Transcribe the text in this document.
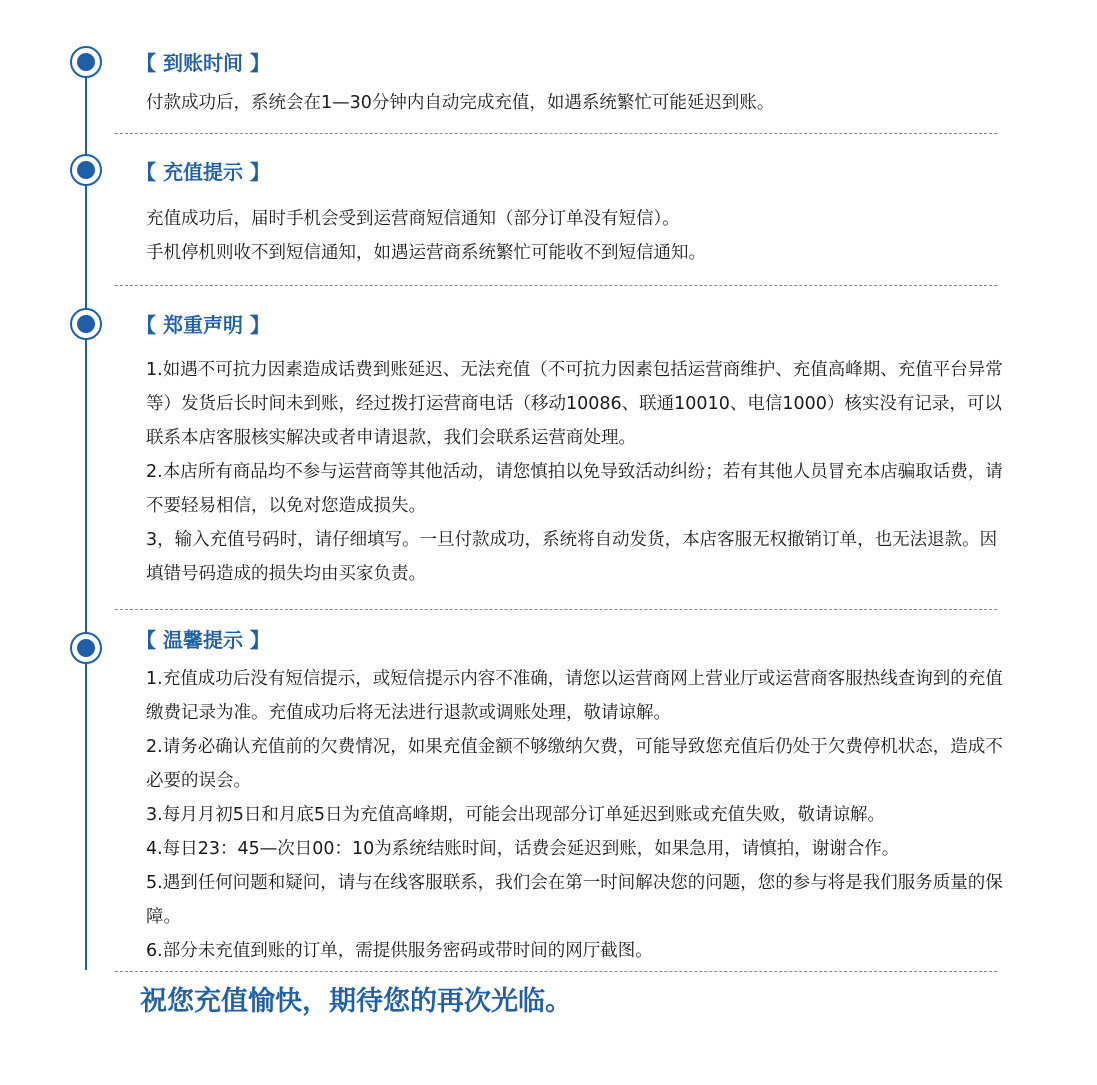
【 到账时间 】

付款成功后，系统会在1—30分钟内自动完成充值，如遇系统繁忙可能延迟到账。

【 充值提示 】

充值成功后，届时手机会受到运营商短信通知（部分订单没有短信）。

手机停机则收不到短信通知，如遇运营商系统繁忙可能收不到短信通知。

【 郑重声明 】

1.如遇不可抗力因素造成话费到账延迟、无法充值（不可抗力因素包括运营商维护、充值高峰期、充值平台异常等）发货后长时间未到账，经过拨打运营商电话（移动10086、联通10010、电信1000）核实没有记录，可以联系本店客服核实解决或者申请退款，我们会联系运营商处理。

2.本店所有商品均不参与运营商等其他活动，请您慎拍以免导致活动纠纷；若有其他人员冒充本店骗取话费，请不要轻易相信，以免对您造成损失。

3，输入充值号码时，请仔细填写。一旦付款成功，系统将自动发货，本店客服无权撤销订单，也无法退款。因填错号码造成的损失均由买家负责。

【 温馨提示 】

1.充值成功后没有短信提示，或短信提示内容不准确，请您以运营商网上营业厅或运营商客服热线查询到的充值缴费记录为准。充值成功后将无法进行退款或调账处理，敬请谅解。

2.请务必确认充值前的欠费情况，如果充值金额不够缴纳欠费，可能导致您充值后仍处于欠费停机状态，造成不必要的误会。

3.每月月初5日和月底5日为充值高峰期，可能会出现部分订单延迟到账或充值失败，敬请谅解。

4.每日23：45—次日00：10为系统结账时间，话费会延迟到账，如果急用，请慎拍，谢谢合作。

5.遇到任何问题和疑问，请与在线客服联系，我们会在第一时间解决您的问题，您的参与将是我们服务质量的保障。

6.部分未充值到账的订单，需提供服务密码或带时间的网厅截图。

祝您充值愉快，期待您的再次光临。
